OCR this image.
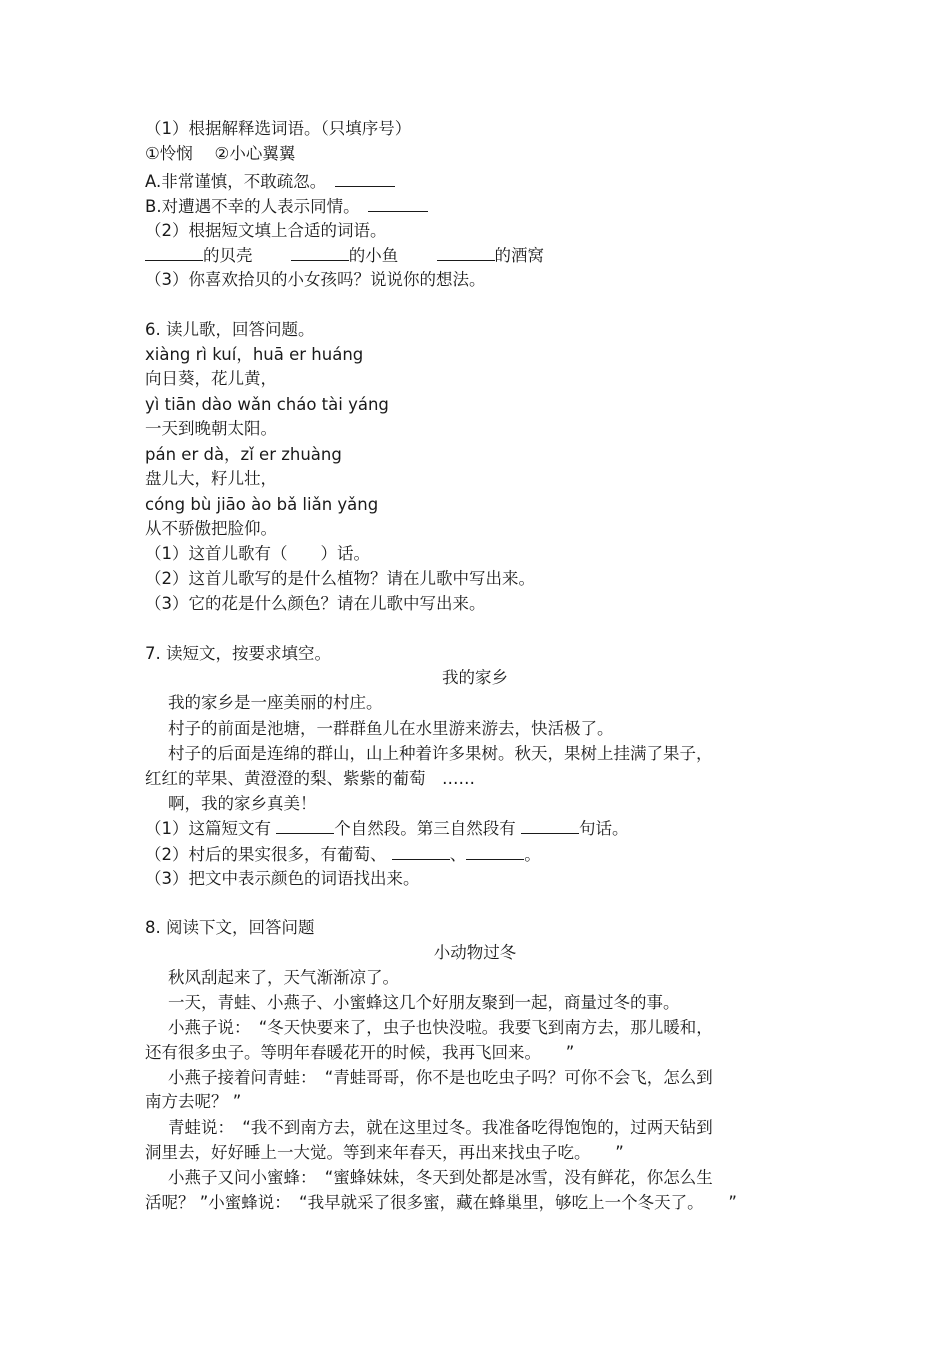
（1）根据解释选词语。（只填序号）
①怜悯　 ②小心翼翼
A.非常谨慎，不敢疏忽。　
B.对遭遇不幸的人表示同情。　
（2）根据短文填上合适的词语。
的贝壳　　	的小鱼　　	的酒窝
（3）你喜欢拾贝的小女孩吗？说说你的想法。
6. 读儿歌，回答问题。
xiàng rì kuí，huā er huáng
向日葵，花儿黄，
yì tiān dào wǎn cháo tài yáng
一天到晚朝太阳。
pán er dà，zǐ er zhuàng
盘儿大，籽儿壮，
cóng bù jiāo ào bǎ liǎn yǎng
从不骄傲把脸仰。
（1）这首儿歌有（　　）话。
（2）这首儿歌写的是什么植物？请在儿歌中写出来。
（3）它的花是什么颜色？请在儿歌中写出来。
7. 读短文，按要求填空。
我的家乡
我的家乡是一座美丽的村庄。
村子的前面是池塘，一群群鱼儿在水里游来游去，快活极了。
村子的后面是连绵的群山，山上种着许多果树。秋天，果树上挂满了果子，
红红的苹果、黄澄澄的梨、紫紫的葡萄　……
啊，我的家乡真美！
（1）这篇短文有	个自然段。第三自然段有	句话。
（2）村后的果实很多，有葡萄、	、	。
（3）把文中表示颜色的词语找出来。
8. 阅读下文，回答问题
小动物过冬
秋风刮起来了，天气渐渐凉了。
一天，青蛙、小燕子、小蜜蜂这几个好朋友聚到一起，商量过冬的事。
小燕子说：　“冬天快要来了，虫子也快没啦。我要飞到南方去，那儿暖和，
还有很多虫子。等明年春暖花开的时候，我再飞回来。　　”
小燕子接着问青蛙：　“青蛙哥哥，你不是也吃虫子吗？可你不会飞，怎么到
南方去呢？ ”
青蛙说：　“我不到南方去，就在这里过冬。我准备吃得饱饱的，过两天钻到
洞里去，好好睡上一大觉。等到来年春天，再出来找虫子吃。　　”
小燕子又问小蜜蜂：　“蜜蜂妹妹，冬天到处都是冰雪，没有鲜花，你怎么生
活呢？ ”小蜜蜂说：　“我早就采了很多蜜，藏在蜂巢里，够吃上一个冬天了。　　”
